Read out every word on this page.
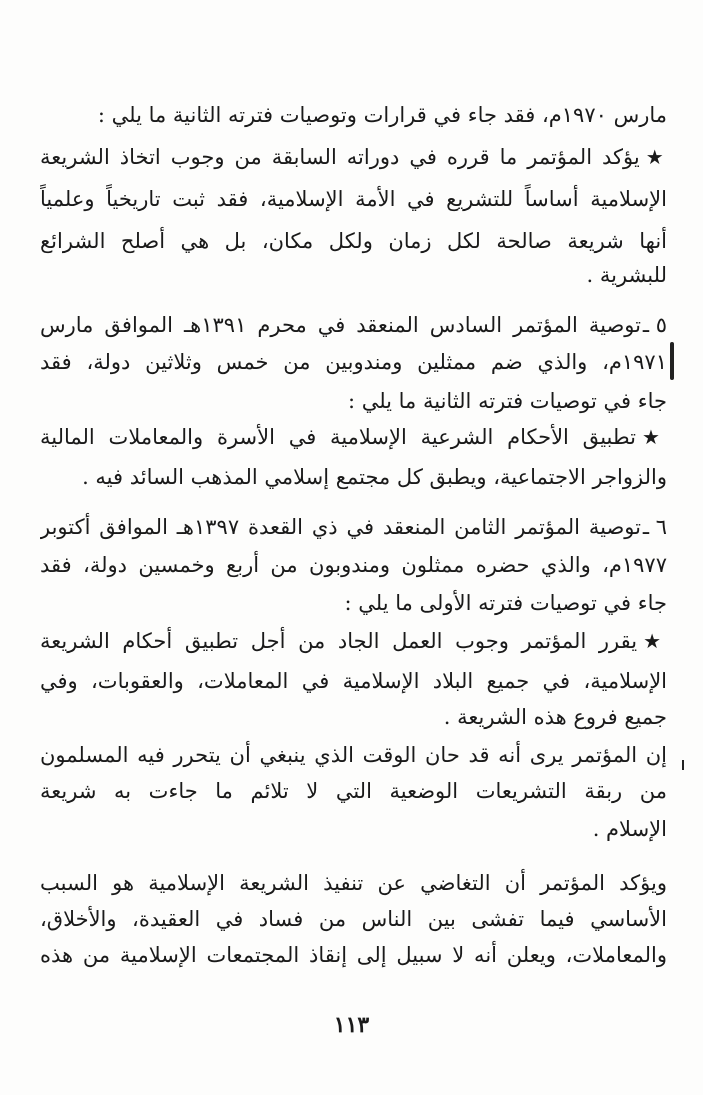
مارس ١٩٧٠م، فقد جاء في قرارات وتوصيات فترته الثانية ما يلي :
★يؤكد المؤتمر ما قرره في دوراته السابقة من وجوب اتخاذ الشريعة
الإسلامية أساساً للتشريع في الأمة الإسلامية، فقد ثبت تاريخياً وعلمياً
أنها شريعة صالحة لكل زمان ولكل مكان، بل هي أصلح الشرائع
للبشرية .
٥ ـ
توصية المؤتمر السادس المنعقد في محرم ١٣٩١هـ الموافق مارس
١٩٧١م، والذي ضم ممثلين ومندوبين من خمس وثلاثين دولة، فقد
جاء في توصيات فترته الثانية ما يلي :
★تطبيق الأحكام الشرعية الإسلامية في الأسرة والمعاملات المالية
والزواجر الاجتماعية، ويطبق كل مجتمع إسلامي المذهب السائد فيه .
٦ ـ
توصية المؤتمر الثامن المنعقد في ذي القعدة ١٣٩٧هـ الموافق أكتوبر
١٩٧٧م، والذي حضره ممثلون ومندوبون من أربع وخمسين دولة، فقد
جاء في توصيات فترته الأولى ما يلي :
★يقرر المؤتمر وجوب العمل الجاد من أجل تطبيق أحكام الشريعة
الإسلامية، في جميع البلاد الإسلامية في المعاملات، والعقوبات، وفي
جميع فروع هذه الشريعة .
إن المؤتمر يرى أنه قد حان الوقت الذي ينبغي أن يتحرر فيه المسلمون
من ربقة التشريعات الوضعية التي لا تلائم ما جاءت به شريعة
الإسلام .
ويؤكد المؤتمر أن التغاضي عن تنفيذ الشريعة الإسلامية هو السبب
الأساسي فيما تفشى بين الناس من فساد في العقيدة، والأخلاق،
والمعاملات، ويعلن أنه لا سبيل إلى إنقاذ المجتمعات الإسلامية من هذه
١١٣
